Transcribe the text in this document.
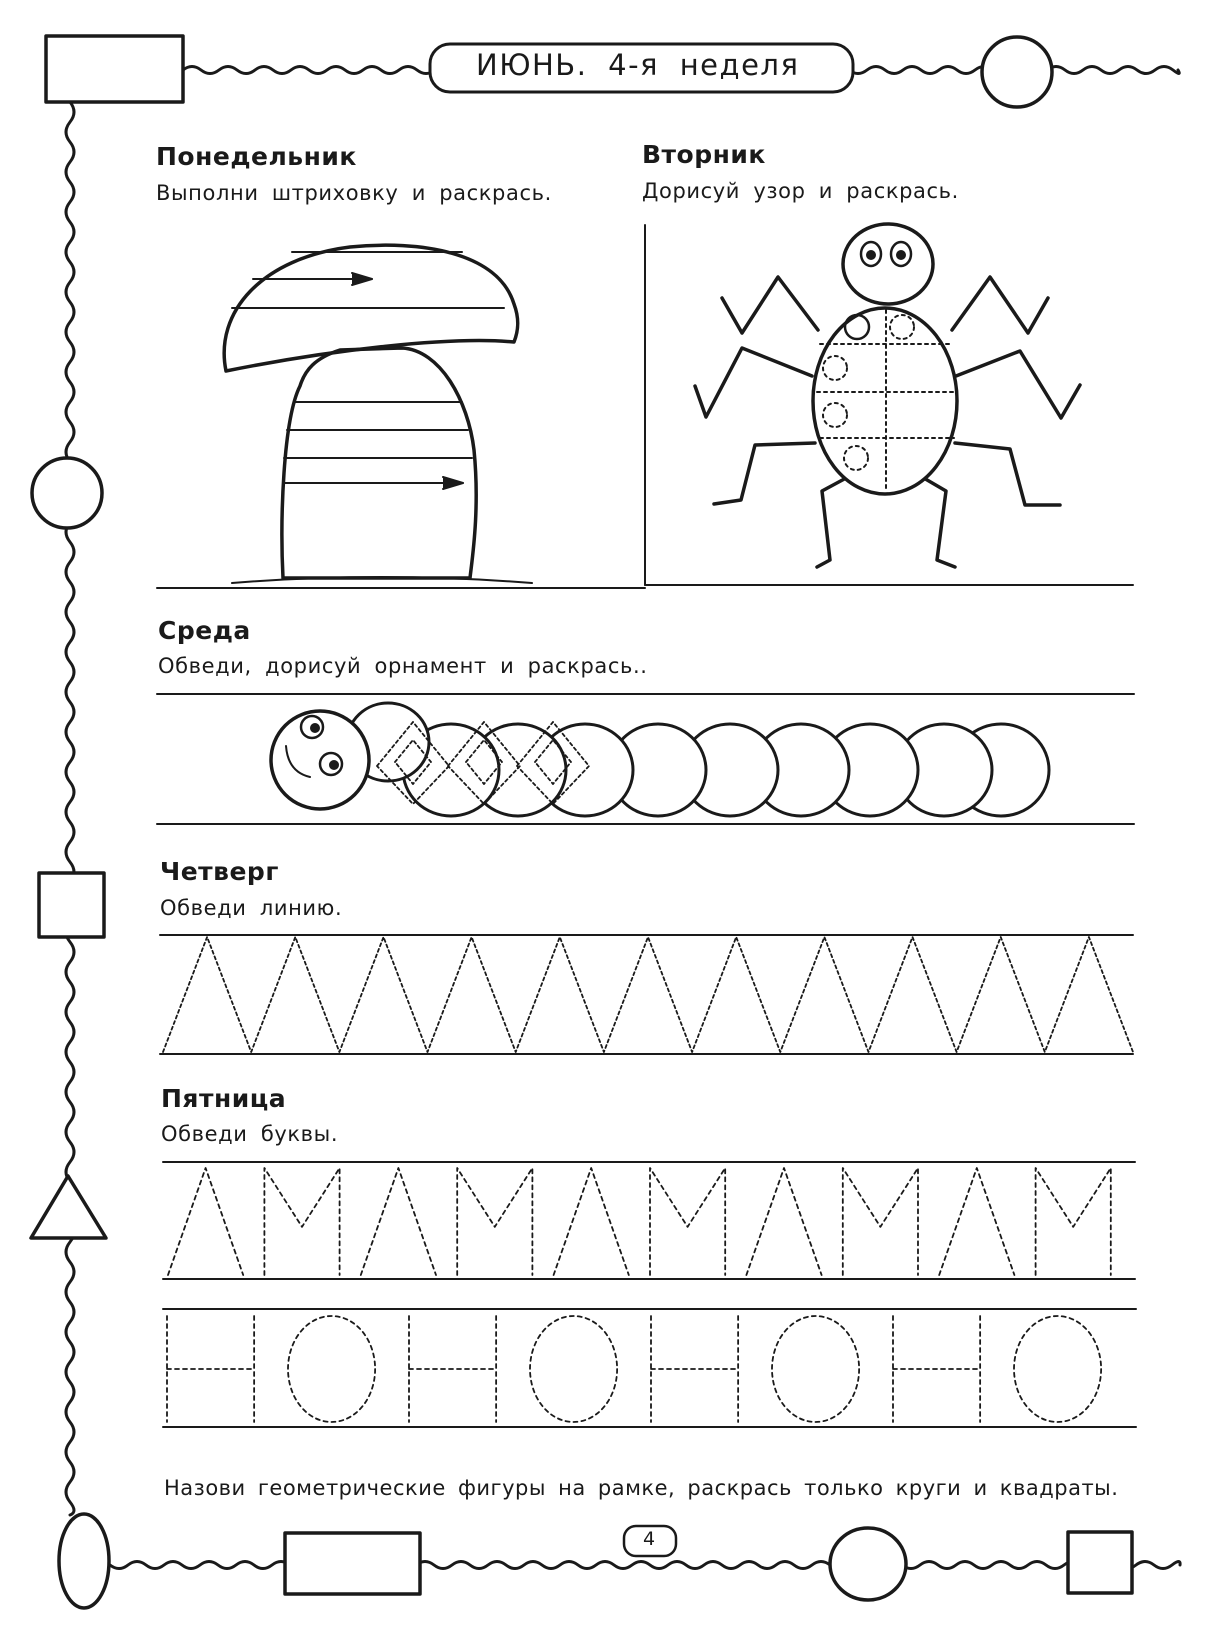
ИЮНЬ. 4-я неделя
Понедельник
Выполни штриховку и раскрась.
Вторник
Дорисуй узор и раскрась.
Среда
Обведи, дорисуй орнамент и раскрась..
Четверг
Обведи линию.
Пятница
Обведи буквы.
Назови геометрические фигуры на рамке, раскрась только круги и квадраты.
4
